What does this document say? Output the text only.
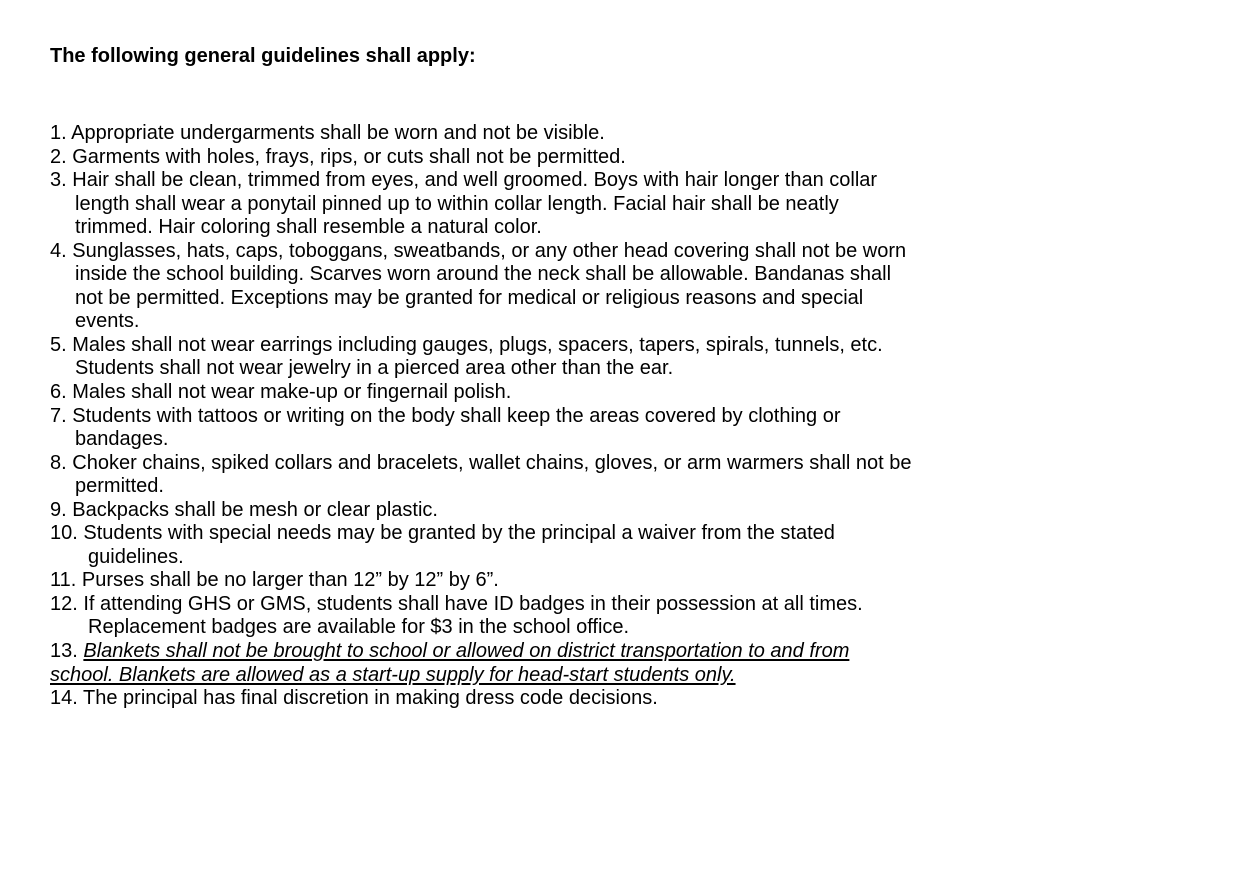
The following general guidelines shall apply:
1. Appropriate undergarments shall be worn and not be visible.
2. Garments with holes, frays, rips, or cuts shall not be permitted.
3. Hair shall be clean, trimmed from eyes, and well groomed. Boys with hair longer than collar
length shall wear a ponytail pinned up to within collar length. Facial hair shall be neatly
trimmed. Hair coloring shall resemble a natural color.
4. Sunglasses, hats, caps, toboggans, sweatbands, or any other head covering shall not be worn
inside the school building. Scarves worn around the neck shall be allowable. Bandanas shall
not be permitted. Exceptions may be granted for medical or religious reasons and special
events.
5. Males shall not wear earrings including gauges, plugs, spacers, tapers, spirals, tunnels, etc.
Students shall not wear jewelry in a pierced area other than the ear.
6. Males shall not wear make-up or fingernail polish.
7. Students with tattoos or writing on the body shall keep the areas covered by clothing or
bandages.
8. Choker chains, spiked collars and bracelets, wallet chains, gloves, or arm warmers shall not be
permitted.
9. Backpacks shall be mesh or clear plastic.
10. Students with special needs may be granted by the principal a waiver from the stated
guidelines.
11. Purses shall be no larger than 12” by 12” by 6”.
12. If attending GHS or GMS, students shall have ID badges in their possession at all times.
Replacement badges are available for $3 in the school office.
13. Blankets shall not be brought to school or allowed on district transportation to and from
school. Blankets are allowed as a start-up supply for head-start students only.
14. The principal has final discretion in making dress code decisions.
